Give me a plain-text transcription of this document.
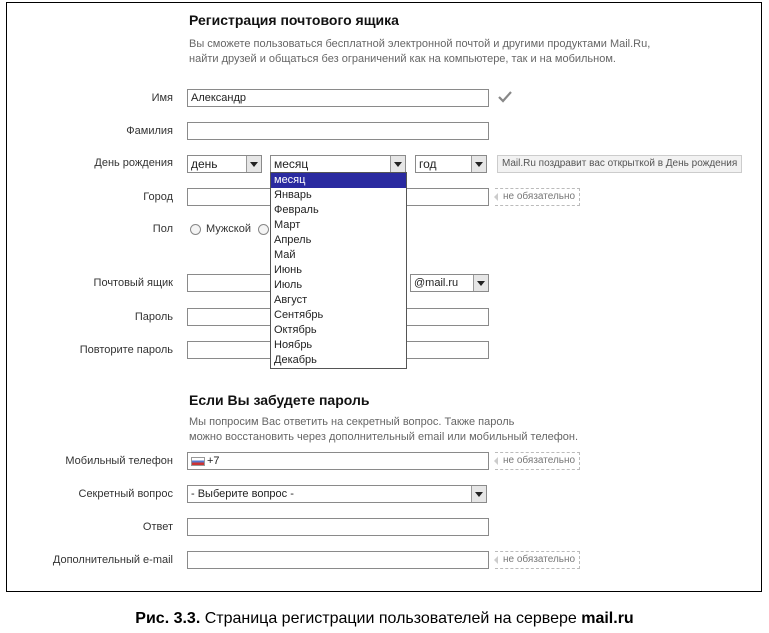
Регистрация почтового ящика
Вы сможете пользоваться бесплатной электронной почтой и другими продуктами Mail.Ru,
найти друзей и общаться без ограничений как на компьютере, так и на мобильном.
Имя	Александр
Фамилия
День рождения	день	месяц	год	Mail.Ru поздравит вас открыткой в День рождения
Город	не обязательно
Пол	Мужской
Почтовый ящик	@mail.ru
Пароль
Повторите пароль
месяц
Январь
Февраль
Март
Апрель
Май
Июнь
Июль
Август
Сентябрь
Октябрь
Ноябрь
Декабрь
Если Вы забудете пароль
Мы попросим Вас ответить на секретный вопрос. Также пароль
можно восстановить через дополнительный email или мобильный телефон.
Мобильный телефон	+7	не обязательно
Секретный вопрос	- Выберите вопрос -
Ответ
Дополнительный e-mail	не обязательно
Рис. 3.3. Страница регистрации пользователей на сервере mail.ru
